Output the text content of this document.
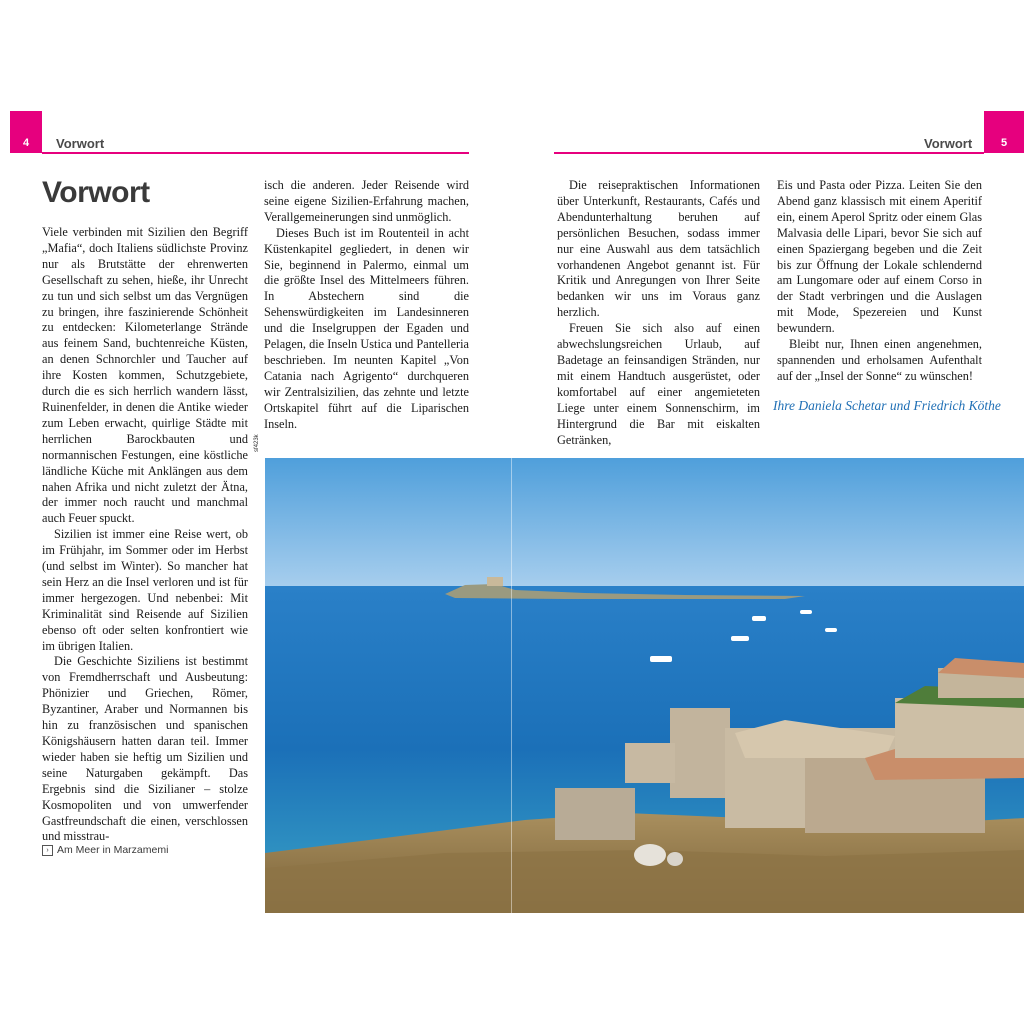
4	Vorwort
Vorwort

Viele verbinden mit Sizilien den Begriff „Mafia“, doch Italiens südlichste Provinz nur als Brutstätte der ehrenwerten Gesellschaft zu sehen, hieße, ihr Unrecht zu tun und sich selbst um das Vergnügen zu bringen, ihre faszinierende Schönheit zu entdecken: Kilometerlange Strände aus feinem Sand, buchtenreiche Küsten, an denen Schnorchler und Taucher auf ihre Kosten kommen, Schutzgebiete, durch die es sich herrlich wandern lässt, Ruinenfelder, in denen die Antike wieder zum Leben erwacht, quirlige Städte mit herrlichen Barockbauten und normannischen Festungen, eine köstliche ländliche Küche mit Anklängen aus dem nahen Afrika und nicht zuletzt der Ätna, der immer noch raucht und manchmal auch Feuer spuckt.

Sizilien ist immer eine Reise wert, ob im Frühjahr, im Sommer oder im Herbst (und selbst im Winter). So mancher hat sein Herz an die Insel verloren und ist für immer hergezogen. Und nebenbei: Mit Kriminalität sind Reisende auf Sizilien ebenso oft oder selten konfrontiert wie im übrigen Italien.

Die Geschichte Siziliens ist bestimmt von Fremdherrschaft und Ausbeutung: Phönizier und Griechen, Römer, Byzantiner, Araber und Normannen bis hin zu französischen und spanischen Königshäusern hatten daran teil. Immer wieder haben sie heftig um Sizilien und seine Naturgaben gekämpft. Das Ergebnis sind die Sizilianer – stolze Kosmopoliten und von umwerfender Gastfreundschaft die einen, verschlossen und misstrau-

isch die anderen. Jeder Reisende wird seine eigene Sizilien-Erfahrung machen, Verallgemeinerungen sind unmöglich.

Dieses Buch ist im Routenteil in acht Küstenkapitel gegliedert, in denen wir Sie, beginnend in Palermo, einmal um die größte Insel des Mittelmeers führen. In Abstechern sind die Sehenswürdigkeiten im Landesinneren und die Inselgruppen der Egaden und Pelagen, die Inseln Ustica und Pantelleria beschrieben. Im neunten Kapitel „Von Catania nach Agrigento“ durchqueren wir Zentralsizilien, das zehnte und letzte Ortskapitel führt auf die Liparischen Inseln.

› Am Meer in Marzamemi
sf423k
5
Vorwort

Die reisepraktischen Informationen über Unterkunft, Restaurants, Cafés und Abendunterhaltung beruhen auf persönlichen Besuchen, sodass immer nur eine Auswahl aus dem tatsächlich vorhandenen Angebot genannt ist. Für Kritik und Anregungen von Ihrer Seite bedanken wir uns im Voraus ganz herzlich.

Freuen Sie sich also auf einen abwechslungsreichen Urlaub, auf Badetage an feinsandigen Stränden, nur mit einem Handtuch ausgerüstet, oder komfortabel auf einer angemieteten Liege unter einem Sonnenschirm, im Hintergrund die Bar mit eiskalten Getränken,

Eis und Pasta oder Pizza. Leiten Sie den Abend ganz klassisch mit einem Aperitif ein, einem Aperol Spritz oder einem Glas Malvasia delle Lipari, bevor Sie sich auf einen Spaziergang begeben und die Zeit bis zur Öffnung der Lokale schlendernd am Lungomare oder auf einem Corso in der Stadt verbringen und die Auslagen mit Mode, Spezereien und Kunst bewundern.

Bleibt nur, Ihnen einen angenehmen, spannenden und erholsamen Aufenthalt auf der „Insel der Sonne“ zu wünschen!

Ihre Daniela Schetar und Friedrich Köthe
